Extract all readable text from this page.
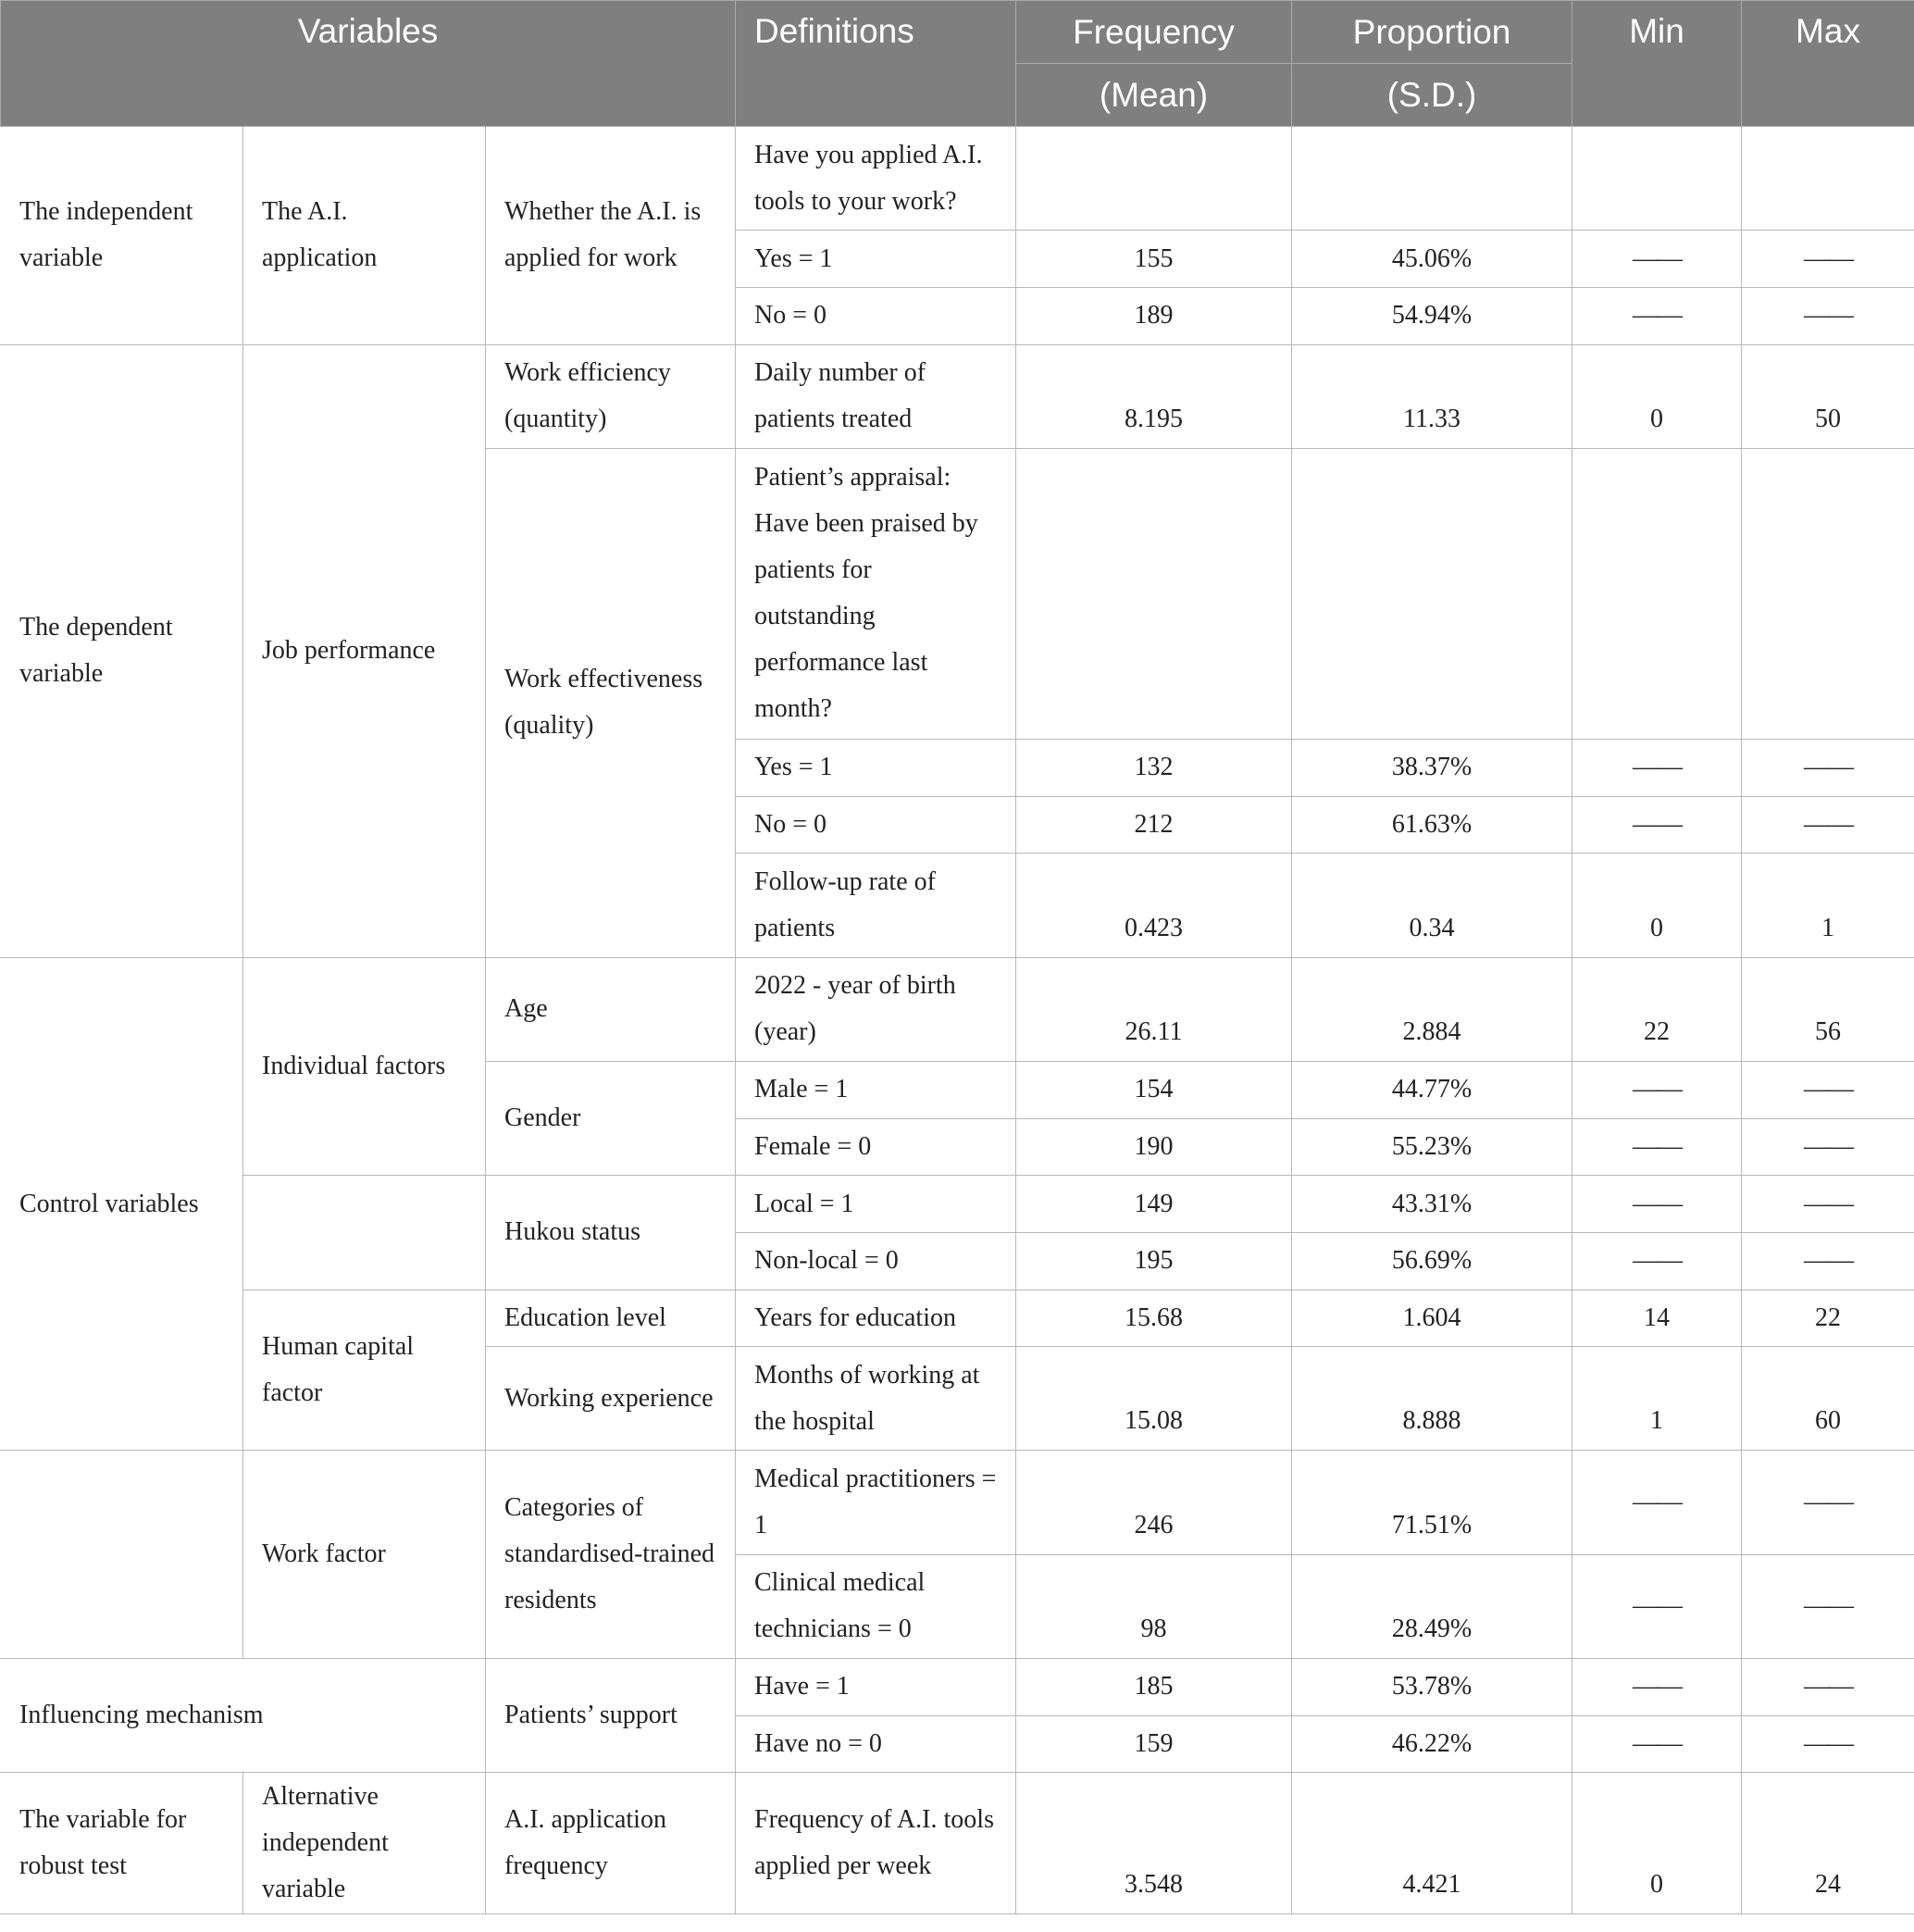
Variables			Definitions	Frequency	Proportion	Min	Max
				(Mean)	(S.D.)		
The independent variable	The A.I. application	Whether the A.I. is applied for work	Have you applied A.I. tools to your work?				
			Yes = 1	155	45.06%	——	——
			No = 0	189	54.94%	——	——
The dependent variable	Job performance	Work efficiency (quantity)	Daily number of patients treated	8.195	11.33	0	50
		Work effectiveness (quality)	Patient’s appraisal: Have been praised by patients for outstanding performance last month?				
			Yes = 1	132	38.37%	——	——
			No = 0	212	61.63%	——	——
			Follow-up rate of patients	0.423	0.34	0	1
Control variables	Individual factors	Age	2022 - year of birth (year)	26.11	2.884	22	56
		Gender	Male = 1	154	44.77%	——	——
			Female = 0	190	55.23%	——	——
		Hukou status	Local = 1	149	43.31%	——	——
			Non-local = 0	195	56.69%	——	——
	Human capital factor	Education level	Years for education	15.68	1.604	14	22
		Working experience	Months of working at the hospital	15.08	8.888	1	60
	Work factor	Categories of standardised-trained residents	Medical practitioners = 1	246	71.51%	——	——
			Clinical medical technicians = 0	98	28.49%	——	——
Influencing mechanism		Patients’ support	Have = 1	185	53.78%	——	——
			Have no = 0	159	46.22%	——	——
The variable for robust test	Alternative independent variable	A.I. application frequency	Frequency of A.I. tools applied per week	3.548	4.421	0	24
